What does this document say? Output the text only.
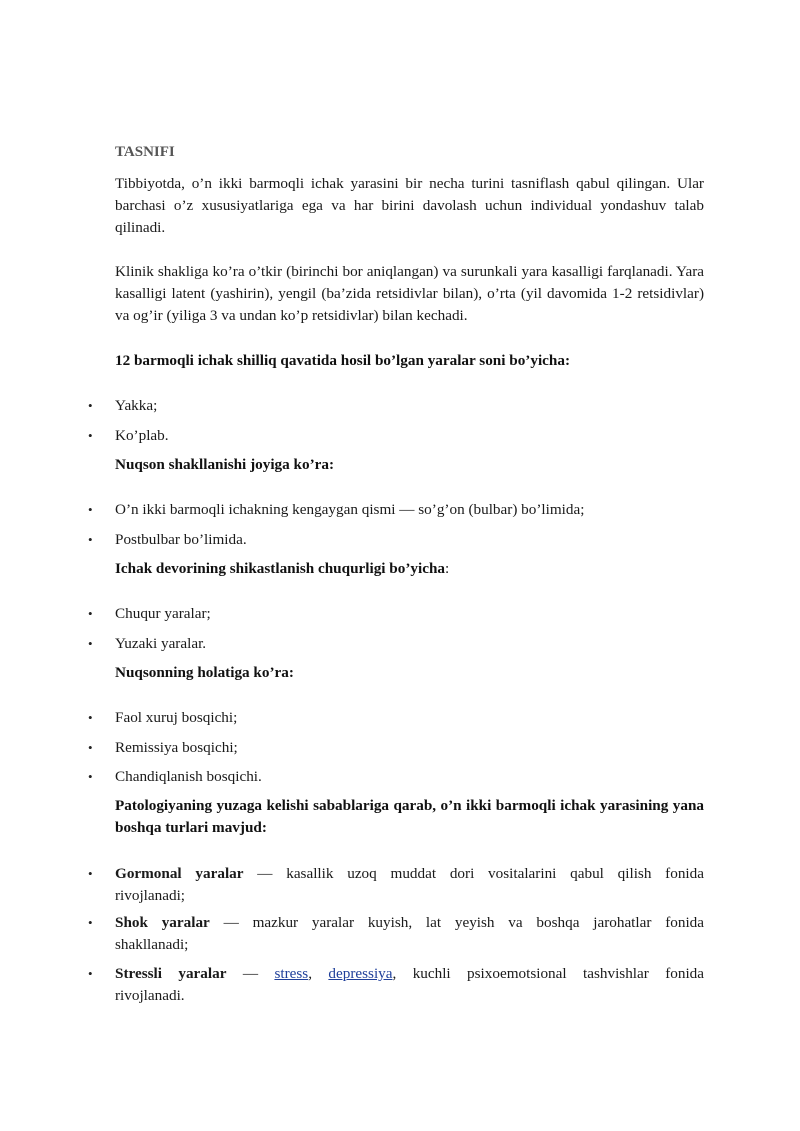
TASNIFI
Tibbiyotda, o’n ikki barmoqli ichak yarasini bir necha turini tasniflash qabul qilingan. Ular barchasi o’z xususiyatlariga ega va har birini davolash uchun individual yondashuv talab qilinadi.
Klinik shakliga ko’ra o’tkir (birinchi bor aniqlangan) va surunkali yara kasalligi farqlanadi. Yara kasalligi latent (yashirin), yengil (ba’zida retsidivlar bilan), o’rta (yil davomida 1-2 retsidivlar) va og’ir (yiliga 3 va undan ko’p retsidivlar) bilan kechadi.
12 barmoqli ichak shilliq qavatida hosil bo’lgan yaralar soni bo’yicha:
• Yakka;
• Ko’plab.
Nuqson shakllanishi joyiga ko’ra:
• O’n ikki barmoqli ichakning kengaygan qismi — so’g’on (bulbar) bo’limida;
• Postbulbar bo’limida.
Ichak devorining shikastlanish chuqurligi bo’yicha:
• Chuqur yaralar;
• Yuzaki yaralar.
Nuqsonning holatiga ko’ra:
• Faol xuruj bosqichi;
• Remissiya bosqichi;
• Chandiqlanish bosqichi.
Patologiyaning yuzaga kelishi sabablariga qarab, o’n ikki barmoqli ichak yarasining yana boshqa turlari mavjud:
• Gormonal yaralar — kasallik uzoq muddat dori vositalarini qabul qilish fonida
rivojlanadi;
• Shok yaralar — mazkur yaralar kuyish, lat yeyish va boshqa jarohatlar fonida
shakllanadi;
• Stressli yaralar — stress, depressiya, kuchli psixoemotsional tashvishlar fonida
rivojlanadi.
